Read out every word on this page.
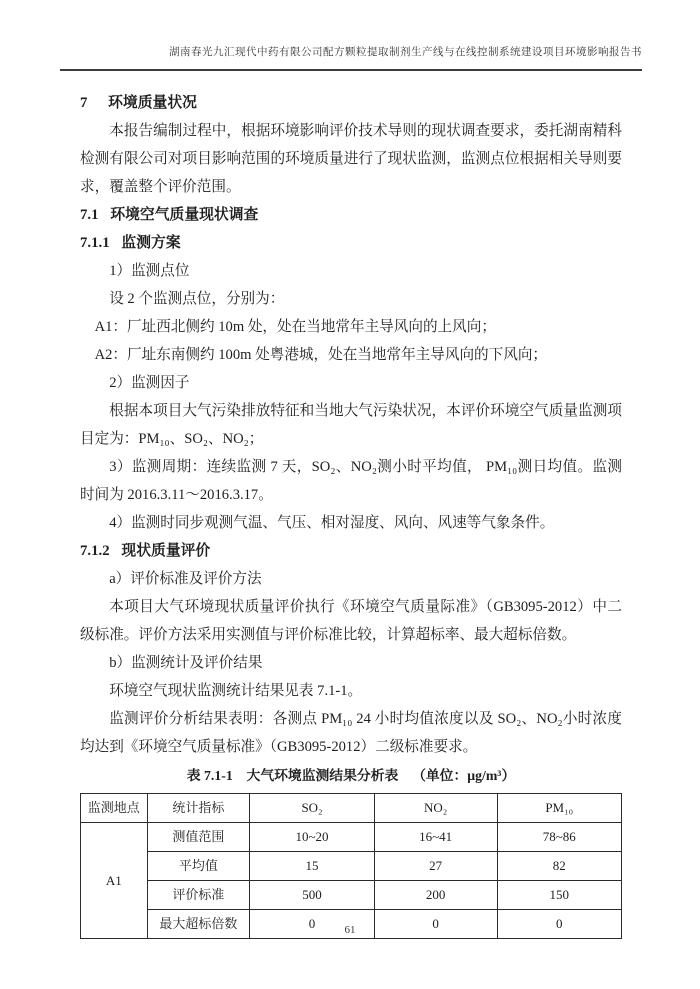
湖南春光九汇现代中药有限公司配方颗粒提取制剂生产线与在线控制系统建设项目环境影响报告书

7 环境质量状况

本报告编制过程中，根据环境影响评价技术导则的现状调查要求，委托湖南精科检测有限公司对项目影响范围的环境质量进行了现状监测，监测点位根据相关导则要求，覆盖整个评价范围。

7.1 环境空气质量现状调查

7.1.1 监测方案

1）监测点位

设 2 个监测点位，分别为：

A1：厂址西北侧约 10m 处，处在当地常年主导风向的上风向；

A2：厂址东南侧约 100m 处粤港城，处在当地常年主导风向的下风向；

2）监测因子

根据本项目大气污染排放特征和当地大气污染状况，本评价环境空气质量监测项目定为：PM₁₀、SO₂、NO₂；

3）监测周期：连续监测 7 天，SO₂、NO₂测小时平均值， PM₁₀测日均值。监测时间为 2016.3.11～2016.3.17。

4）监测时同步观测气温、气压、相对湿度、风向、风速等气象条件。

7.1.2 现状质量评价

a）评价标准及评价方法

本项目大气环境现状质量评价执行《环境空气质量际准》（GB3095-2012）中二级标准。评价方法采用实测值与评价标准比较，计算超标率、最大超标倍数。

b）监测统计及评价结果

环境空气现状监测统计结果见表 7.1-1。

监测评价分析结果表明：各测点 PM₁₀ 24 小时均值浓度以及 SO₂、NO₂小时浓度均达到《环境空气质量标准》（GB3095-2012）二级标准要求。

表 7.1-1　大气环境监测结果分析表 （单位：μg/m³）

监测地点	统计指标	SO₂	NO₂	PM₁₀
A1	测值范围	10~20	16~41	78~86
	平均值	15	27	82
	评价标准	500	200	150
	最大超标倍数	0	0	0
61
